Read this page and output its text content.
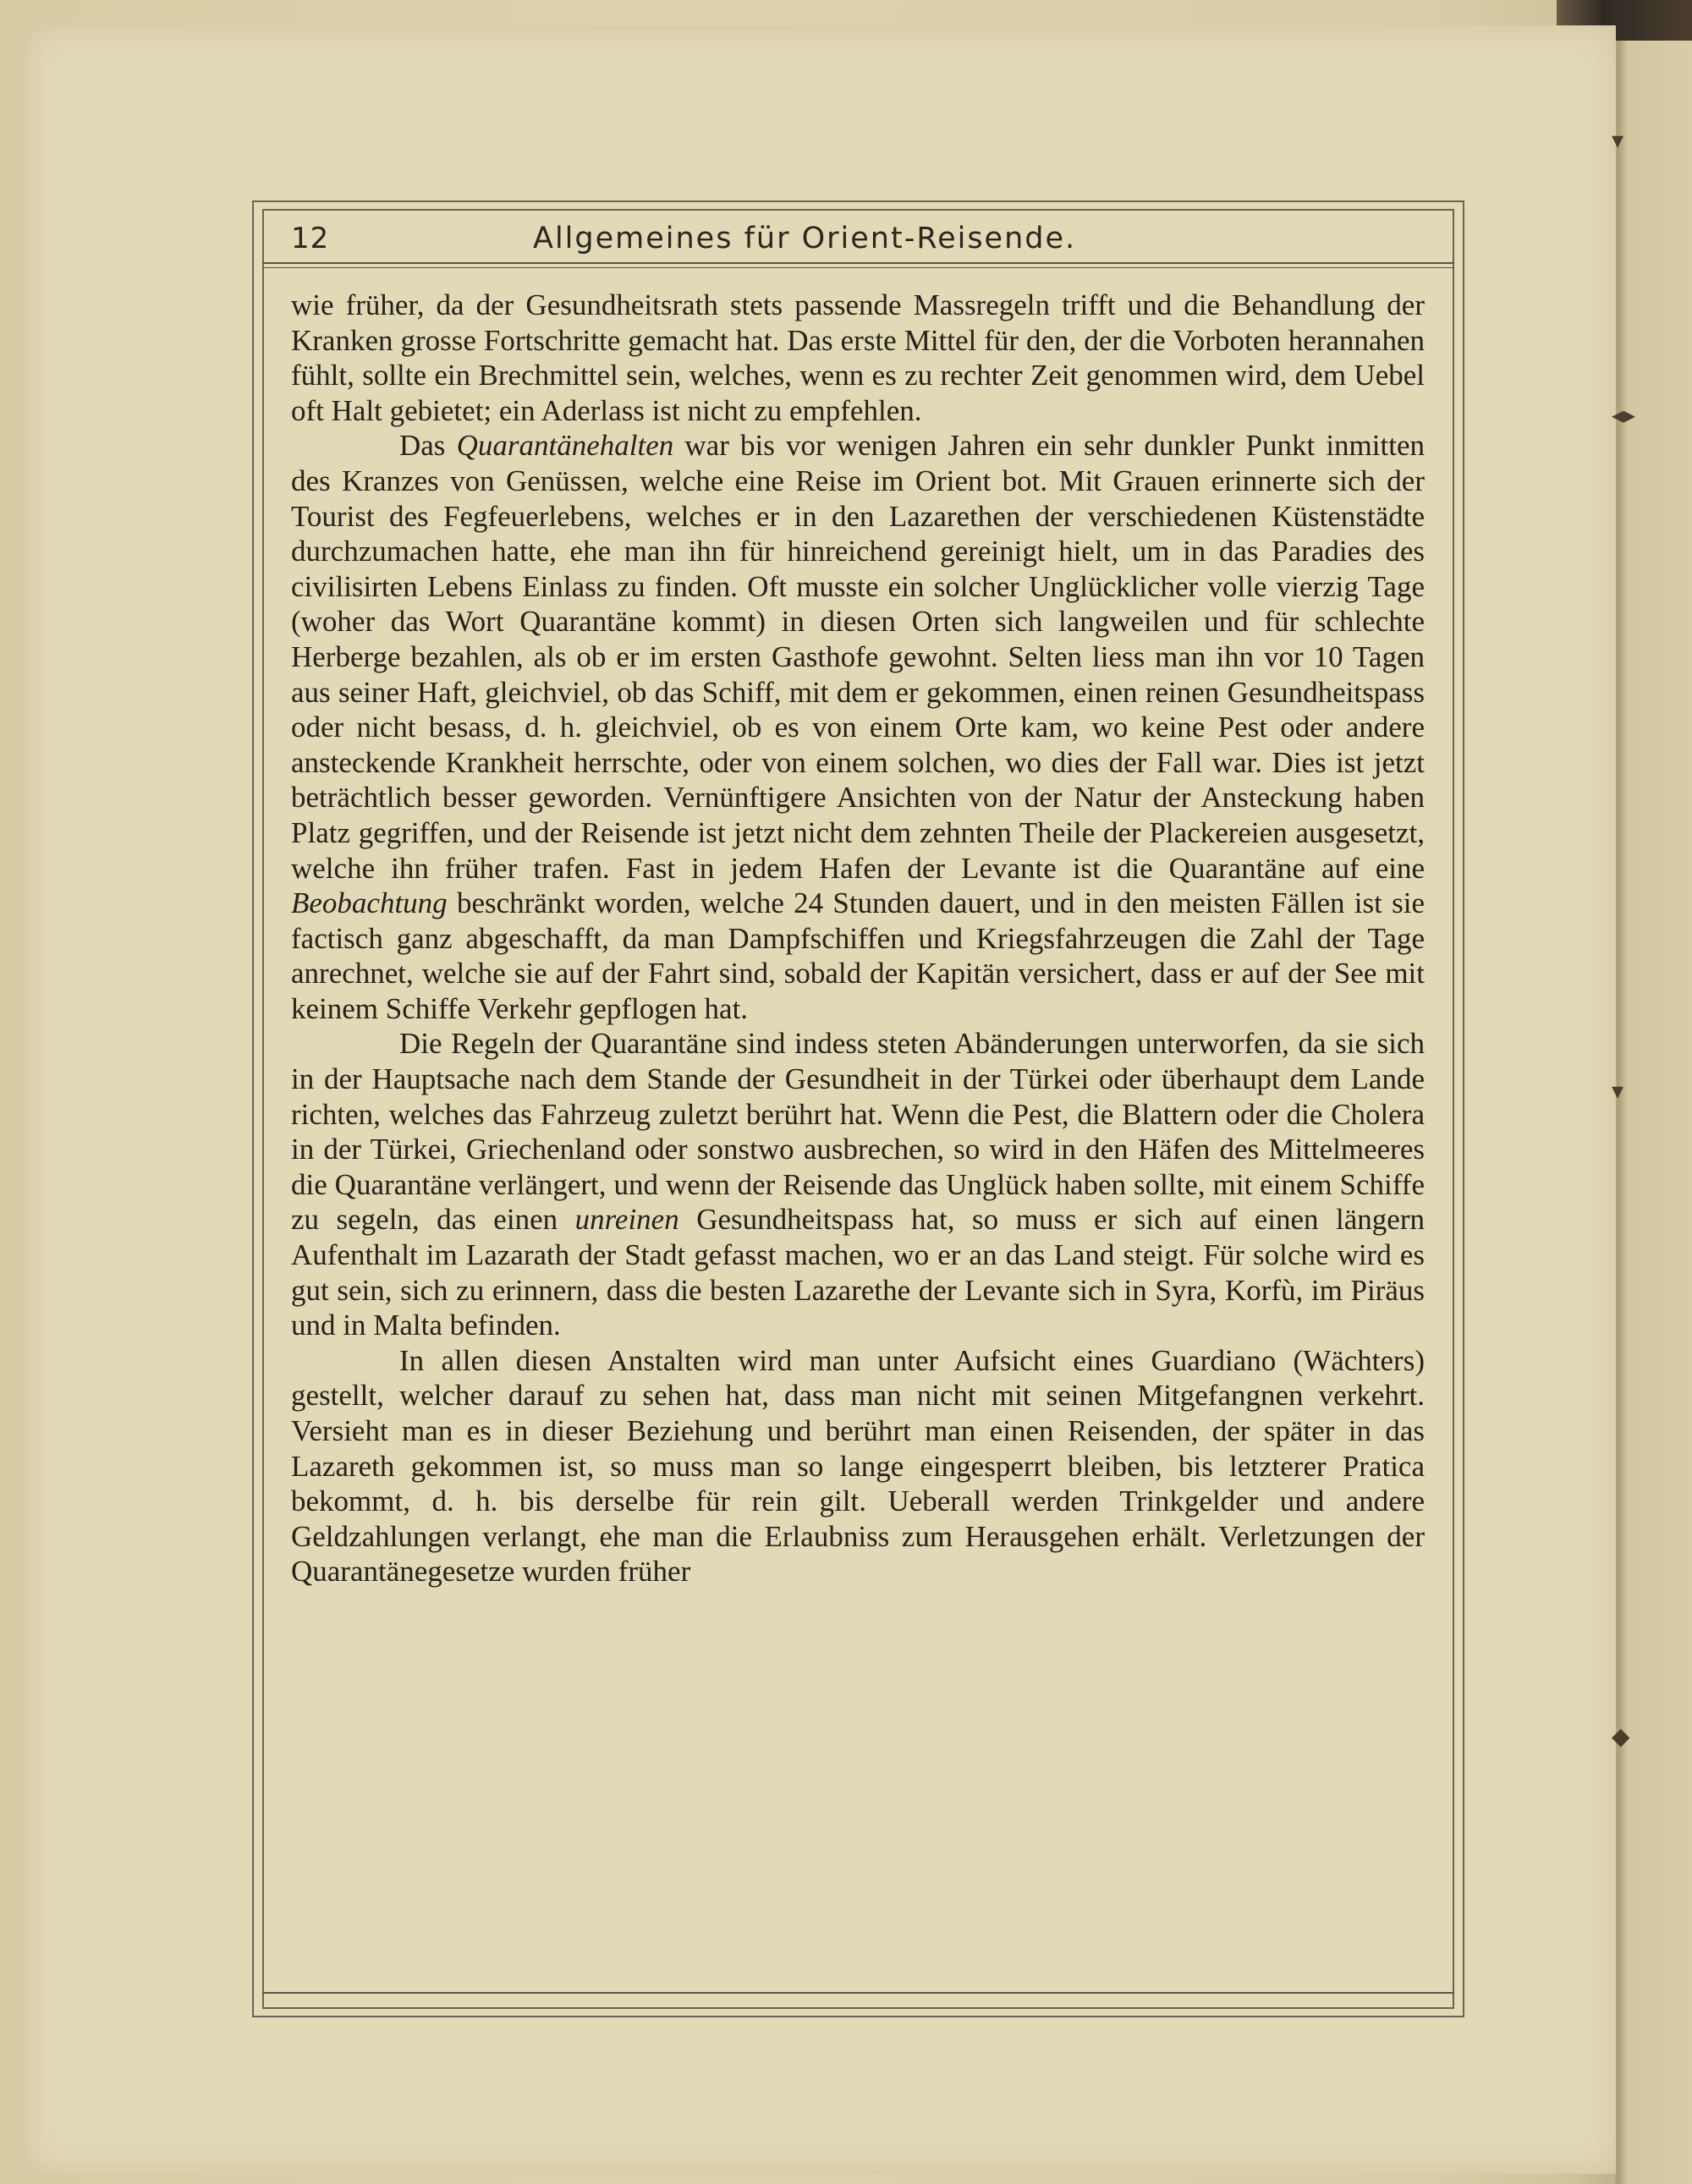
▾
◂▸
▾
◆
12	Allgemeines für Orient-Reisende.

wie früher, da der Gesundheitsrath stets passende Massregeln trifft und die Behandlung der Kranken grosse Fortschritte gemacht hat. Das erste Mittel für den, der die Vorboten herannahen fühlt, sollte ein Brechmittel sein, welches, wenn es zu rechter Zeit genommen wird, dem Uebel oft Halt gebietet; ein Aderlass ist nicht zu empfehlen.

Das Quarantänehalten war bis vor wenigen Jahren ein sehr dunkler Punkt inmitten des Kranzes von Genüssen, welche eine Reise im Orient bot. Mit Grauen erinnerte sich der Tourist des Fegfeuerlebens, welches er in den Lazarethen der verschiedenen Küstenstädte durchzumachen hatte, ehe man ihn für hinreichend gereinigt hielt, um in das Paradies des civilisirten Lebens Einlass zu finden. Oft musste ein solcher Unglücklicher volle vierzig Tage (woher das Wort Quarantäne kommt) in diesen Orten sich langweilen und für schlechte Herberge bezahlen, als ob er im ersten Gasthofe gewohnt. Selten liess man ihn vor 10 Tagen aus seiner Haft, gleichviel, ob das Schiff, mit dem er gekommen, einen reinen Gesundheitspass oder nicht besass, d. h. gleichviel, ob es von einem Orte kam, wo keine Pest oder andere ansteckende Krankheit herrschte, oder von einem solchen, wo dies der Fall war. Dies ist jetzt beträchtlich besser geworden. Vernünftigere Ansichten von der Natur der Ansteckung haben Platz gegriffen, und der Reisende ist jetzt nicht dem zehnten Theile der Plackereien ausgesetzt, welche ihn früher trafen. Fast in jedem Hafen der Levante ist die Quarantäne auf eine Beobachtung beschränkt worden, welche 24 Stunden dauert, und in den meisten Fällen ist sie factisch ganz abgeschafft, da man Dampfschiffen und Kriegsfahrzeugen die Zahl der Tage anrechnet, welche sie auf der Fahrt sind, sobald der Kapitän versichert, dass er auf der See mit keinem Schiffe Verkehr gepflogen hat.

Die Regeln der Quarantäne sind indess steten Abänderungen unterworfen, da sie sich in der Hauptsache nach dem Stande der Gesundheit in der Türkei oder überhaupt dem Lande richten, welches das Fahrzeug zuletzt berührt hat. Wenn die Pest, die Blattern oder die Cholera in der Türkei, Griechenland oder sonstwo ausbrechen, so wird in den Häfen des Mittelmeeres die Quarantäne verlängert, und wenn der Reisende das Unglück haben sollte, mit einem Schiffe zu segeln, das einen unreinen Gesundheitspass hat, so muss er sich auf einen längern Aufenthalt im Lazarath der Stadt gefasst machen, wo er an das Land steigt. Für solche wird es gut sein, sich zu erinnern, dass die besten Lazarethe der Levante sich in Syra, Korfù, im Piräus und in Malta befinden.

In allen diesen Anstalten wird man unter Aufsicht eines Guardiano (Wächters) gestellt, welcher darauf zu sehen hat, dass man nicht mit seinen Mitgefangnen verkehrt. Versieht man es in dieser Beziehung und berührt man einen Reisenden, der später in das Lazareth gekommen ist, so muss man so lange eingesperrt bleiben, bis letzterer Pratica bekommt, d. h. bis derselbe für rein gilt. Ueberall werden Trinkgelder und andere Geldzahlungen verlangt, ehe man die Erlaubniss zum Herausgehen erhält. Verletzungen der Quarantänegesetze wurden früher
